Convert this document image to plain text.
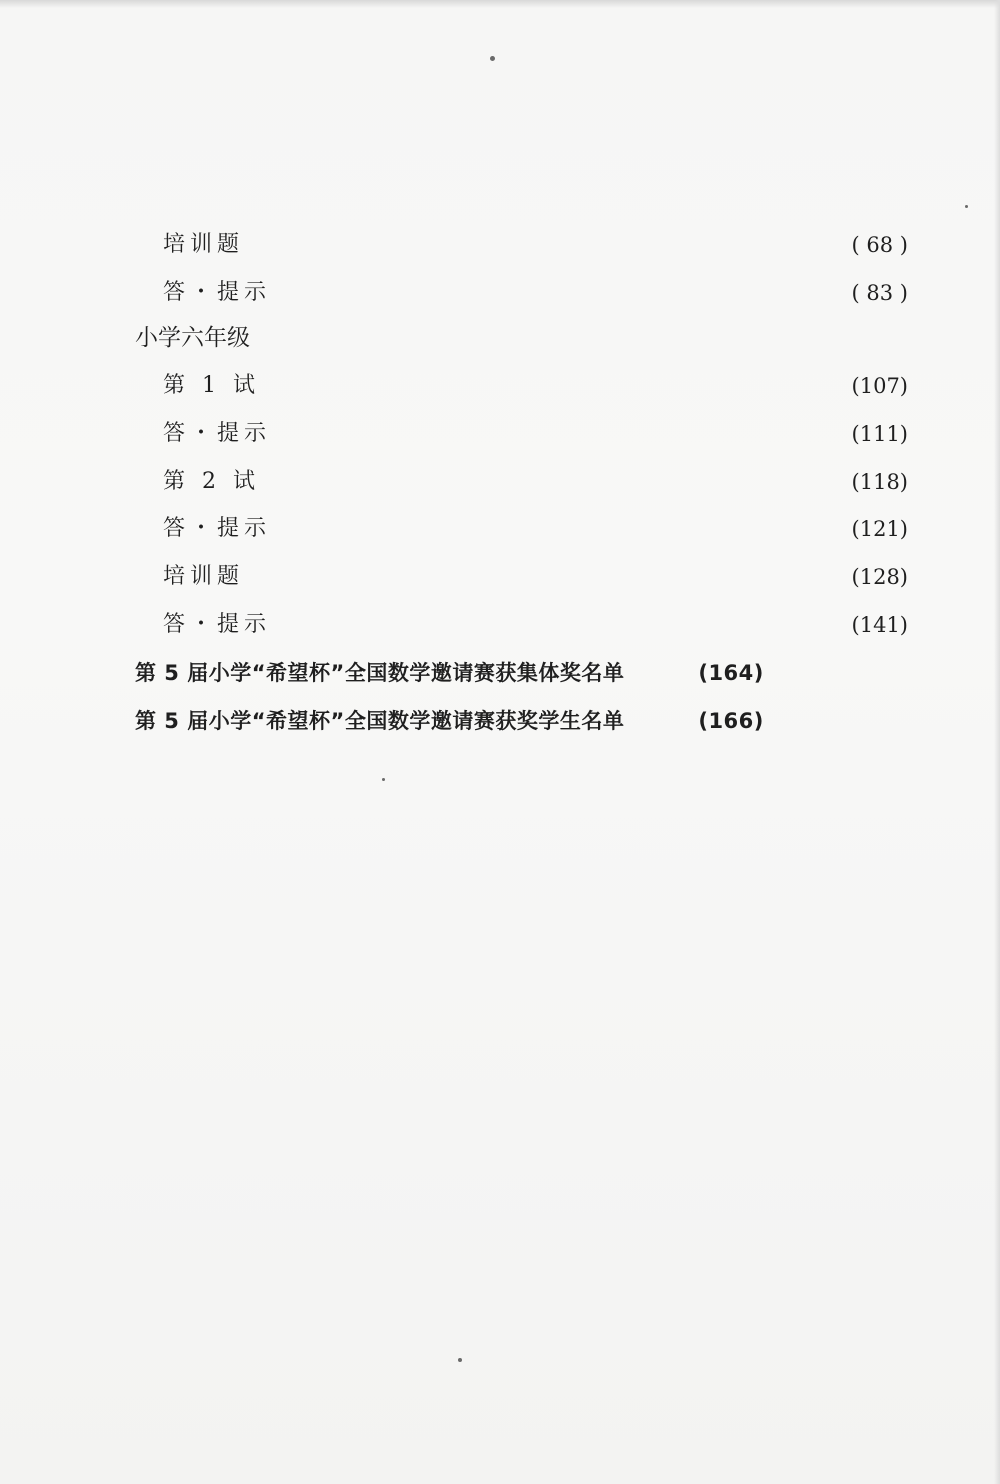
培训题	( 68 )
答・提示	( 83 )
小学六年级
第 1 试	(107)
答・提示	(111)
第 2 试	(118)
答・提示	(121)
培训题	(128)
答・提示	(141)
第 5 届小学“希望杯”全国数学邀请赛获集体奖名单	(164)
第 5 届小学“希望杯”全国数学邀请赛获奖学生名单	(166)
